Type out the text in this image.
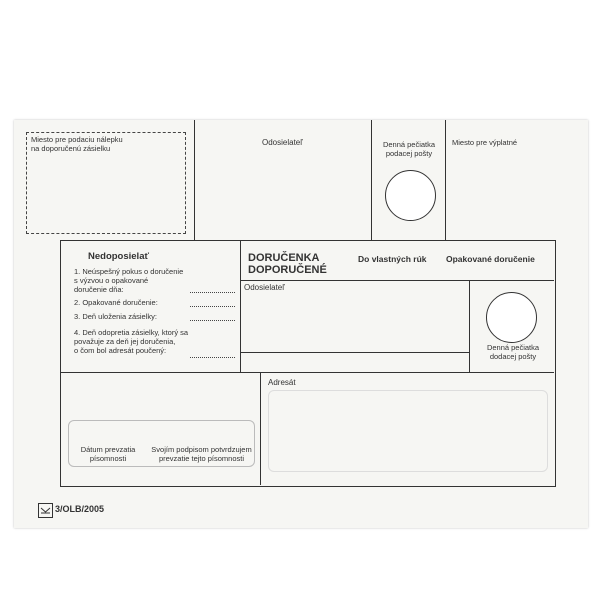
Miesto pre podaciu nálepku
na doporučenú zásielku
Odosielateľ	Denná pečiatka
podacej pošty
Miesto pre výplatné
Nedoposielať
1. Neúspešný pokus o doručenie
s výzvou o opakované
doručenie dňa:
2. Opakované doručenie:
3. Deň uloženia zásielky:
4. Deň odopretia zásielky, ktorý sa
považuje za deň jej doručenia,
o čom bol adresát poučený:
DORUČENKA
DOPORUČENÉ
Do vlastných rúk Opakované doručenie
Odosielateľ
Denná pečiatka
dodacej pošty
Dátum prevzatia
písomnosti
Svojím podpisom potvrdzujem
prevzatie tejto písomnosti
Adresát
3/OLB/2005
